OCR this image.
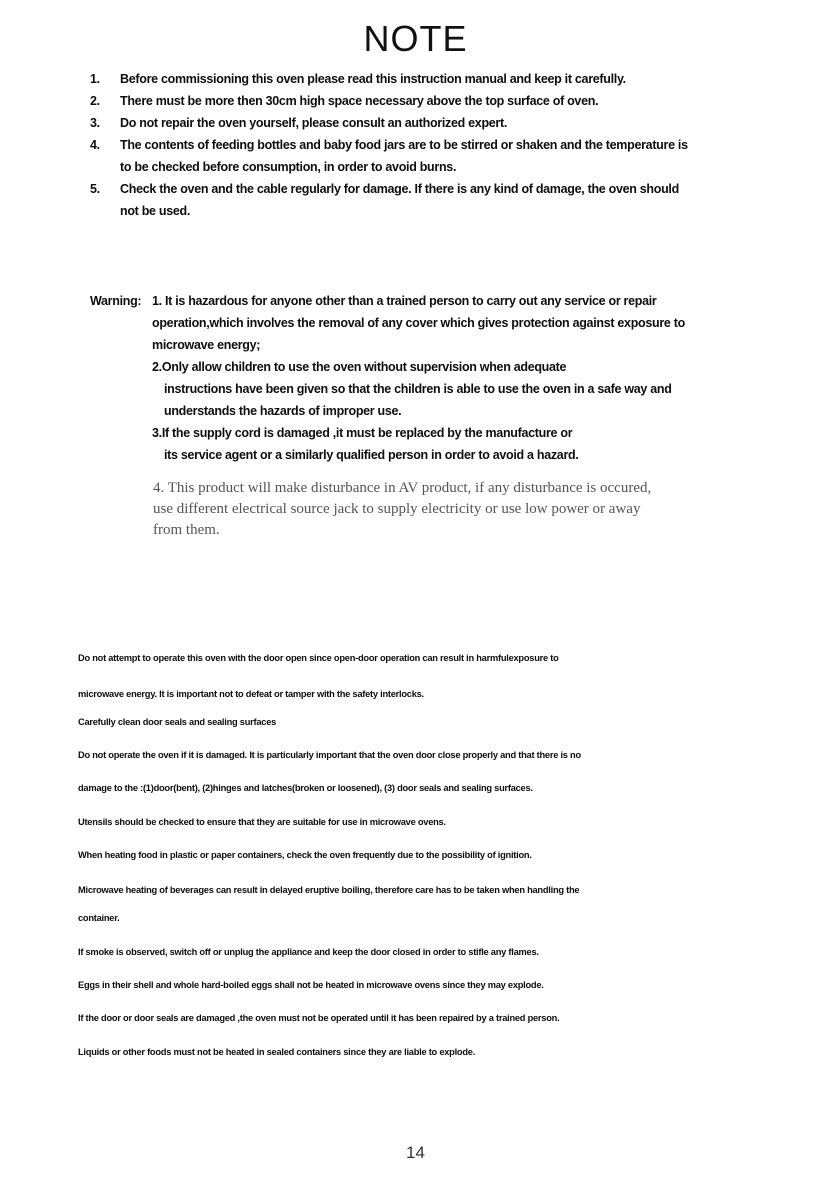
NOTE
1.	Before commissioning this oven please read this instruction manual and keep it carefully.
2.	There must be more then 30cm high space necessary above the top surface of oven.
3.	Do not repair the oven yourself, please consult an authorized expert.
4.	The contents of feeding bottles and baby food jars are to be stirred or shaken and the temperature is to be checked before consumption, in order to avoid burns.
5.	Check the oven and the cable regularly for damage. If there is any kind of damage, the oven should not be used.
Warning: 1. It is hazardous for anyone other than a trained person to carry out any service or repair operation,which involves the removal of any cover which gives protection against exposure to microwave energy;
2.Only allow children to use the oven without supervision when adequate
instructions have been given so that the children is able to use the oven in a safe way and understands the hazards of improper use.
3.If the supply cord is damaged ,it must be replaced by the manufacture or
its service agent or a similarly qualified person in order to avoid a hazard.
4. This product will make disturbance in AV product, if any disturbance is occured, use different electrical source jack to supply electricity or use low power or away from them.
Do not attempt to operate this oven with the door open since open-door operation can result in harmfulexposure to
microwave energy. It is important not to defeat or tamper with the safety interlocks.
Carefully clean door seals and sealing surfaces
Do not operate the oven if it is damaged. It is particularly important that the oven door close properly and that there is no
damage to the :(1)door(bent), (2)hinges and latches(broken or loosened), (3) door seals and sealing surfaces.
Utensils should be checked to ensure that they are suitable for use in microwave ovens.
When heating food in plastic or paper containers, check the oven frequently due to the possibility of ignition.
Microwave heating of beverages can result in delayed eruptive boiling, therefore care has to be taken when handling the
container.
If smoke is observed, switch off or unplug the appliance and keep the door closed in order to stifle any flames.
Eggs in their shell and whole hard-boiled eggs shall not be heated in microwave ovens since they may explode.
If the door or door seals are damaged ,the oven must not be operated until it has been repaired by a trained person.
Liquids or other foods must not be heated in sealed containers since they are liable to explode.
14
